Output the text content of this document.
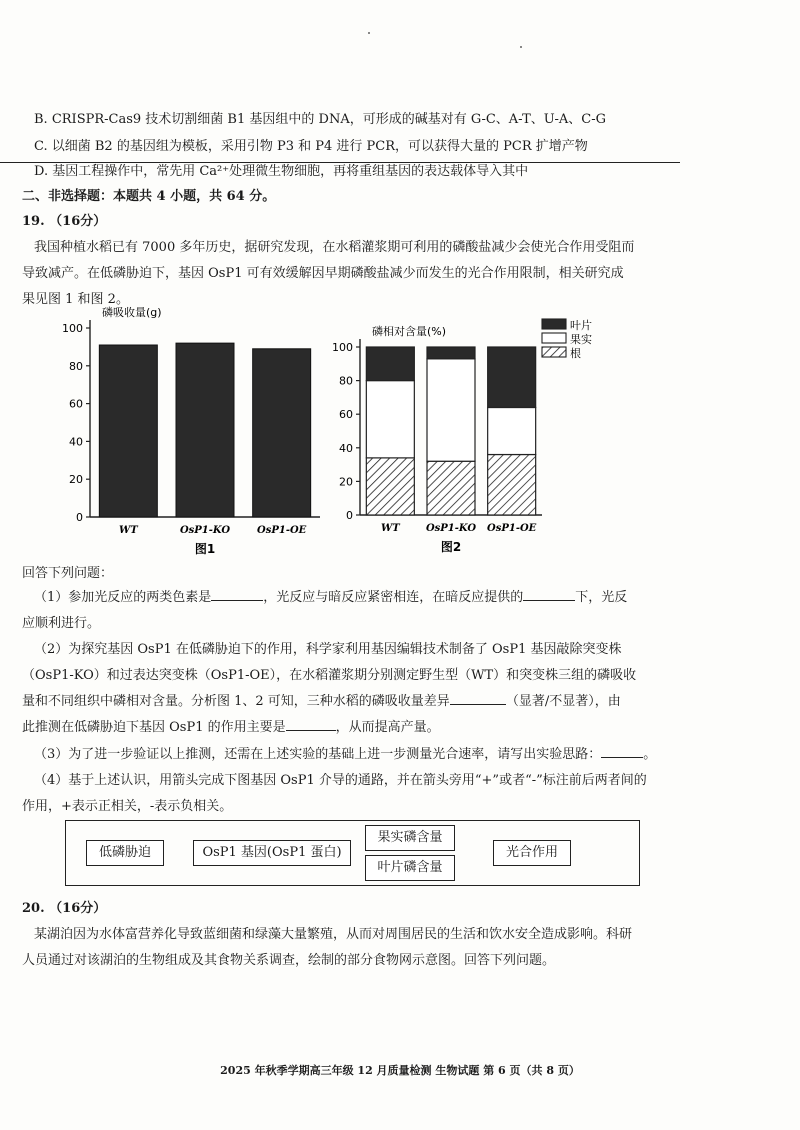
B. CRISPR-Cas9 技术切割细菌 B1 基因组中的 DNA，可形成的碱基对有 G-C、A-T、U-A、C-G
C. 以细菌 B2 的基因组为模板，采用引物 P3 和 P4 进行 PCR，可以获得大量的 PCR 扩增产物
D. 基因工程操作中，常先用 Ca²⁺处理微生物细胞，再将重组基因的表达载体导入其中
二、非选择题：本题共 4 小题，共 64 分。
19. （16分）
我国种植水稻已有 7000 多年历史，据研究发现，在水稻灌浆期可利用的磷酸盐减少会使光合作用受阻而
导致减产。在低磷胁迫下，基因 OsP1 可有效缓解因早期磷酸盐减少而发生的光合作用限制，相关研究成
果见图 1 和图 2。
0
20
40
60
80
100
磷吸收量(g)
WT	OsP1-KO	OsP1-OE
图1
0
20
40
60
80
100
磷相对含量(%)
WT	OsP1-KO OsP1-OE
图2
叶片
果实
根
回答下列问题：
（1）参加光反应的两类色素是	，光反应与暗反应紧密相连，在暗反应提供的	下，光反
应顺利进行。
（2）为探究基因 OsP1 在低磷胁迫下的作用，科学家利用基因编辑技术制备了 OsP1 基因敲除突变株
（OsP1-KO）和过表达突变株（OsP1-OE），在水稻灌浆期分别测定野生型（WT）和突变株三组的磷吸收
量和不同组织中磷相对含量。分析图 1、2 可知，三种水稻的磷吸收量差异	（显著/不显著），由
此推测在低磷胁迫下基因 OsP1 的作用主要是	，从而提高产量。
（3）为了进一步验证以上推测，还需在上述实验的基础上进一步测量光合速率，请写出实验思路：	。
（4）基于上述认识，用箭头完成下图基因 OsP1 介导的通路，并在箭头旁用“+”或者“-”标注前后两者间的
作用，+表示正相关，-表示负相关。
低磷胁迫	OsP1 基因(OsP1 蛋白)
果实磷含量
叶片磷含量
光合作用
20. （16分）
某湖泊因为水体富营养化导致蓝细菌和绿藻大量繁殖，从而对周围居民的生活和饮水安全造成影响。科研
人员通过对该湖泊的生物组成及其食物关系调查，绘制的部分食物网示意图。回答下列问题。
2025 年秋季学期高三年级 12 月质量检测 生物试题 第 6 页（共 8 页）
